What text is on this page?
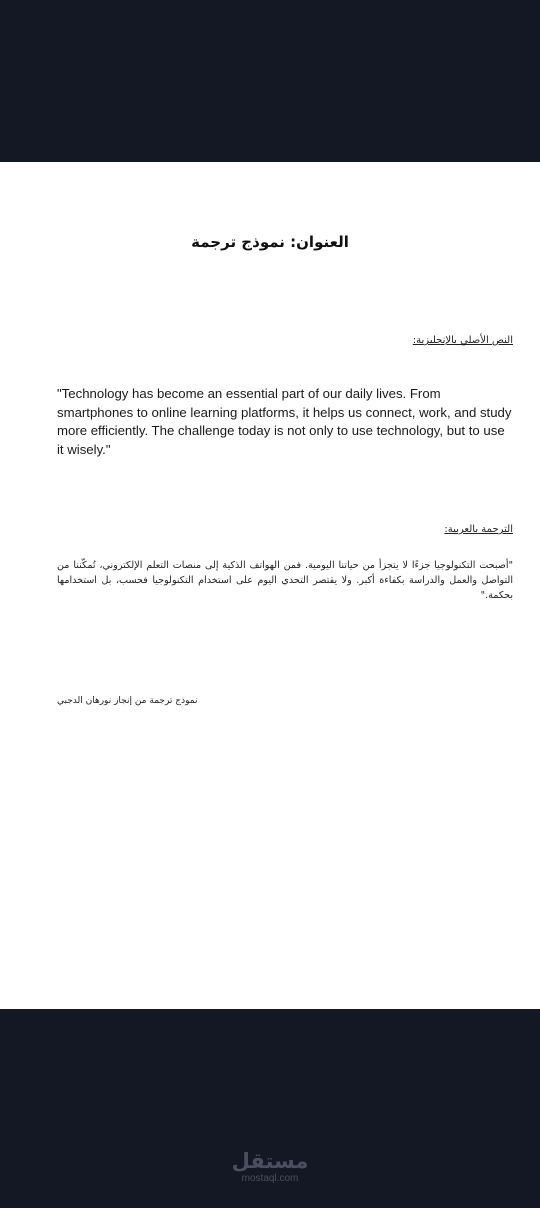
العنوان: نموذج ترجمة
النص الأصلي بالإنجليزية:
"Technology has become an essential part of our daily lives. From smartphones to online learning platforms, it helps us connect, work, and study more efficiently. The challenge today is not only to use technology, but to use it wisely."
الترجمة بالعربية:
"أصبحت التكنولوجيا جزءًا لا يتجزأ من حياتنا اليومية. فمن الهواتف الذكية إلى منصات التعلم الإلكتروني، تُمكّننا من التواصل والعمل والدراسة بكفاءة أكبر. ولا يقتصر التحدي اليوم على استخدام التكنولوجيا فحسب، بل استخدامها بحكمة."
نموذج ترجمة من إنجاز نورهان الدجبي
مستقل
mostaql.com
